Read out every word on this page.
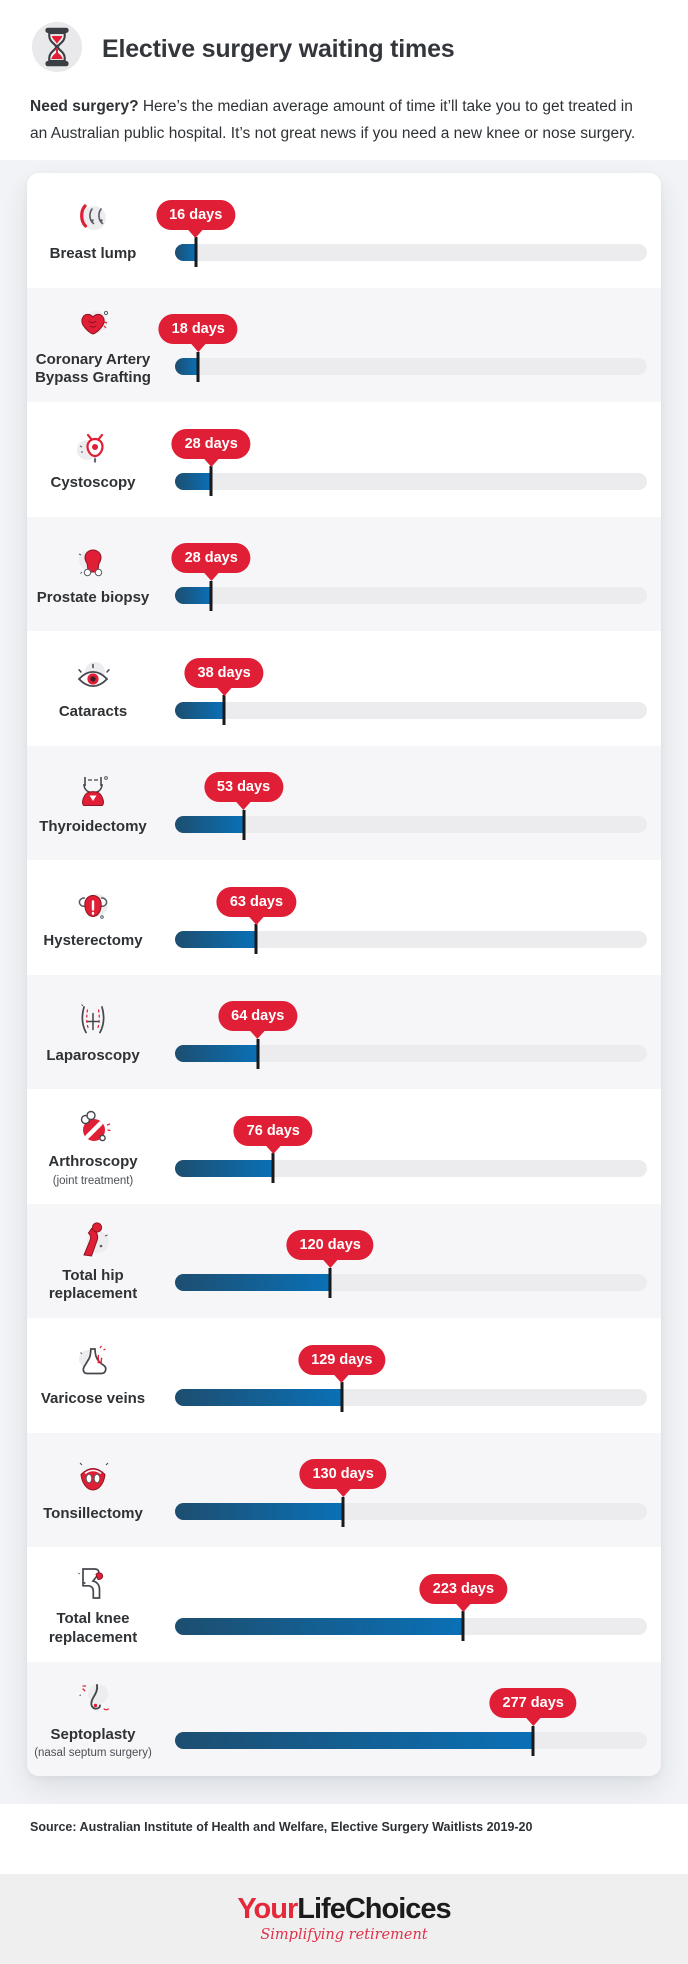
Elective surgery waiting times

Need surgery? Here’s the median average amount of time it’ll take you to get treated in an Australian public hospital. It’s not great news if you need a new knee or nose surgery.

Breast lump
16 days
Coronary Artery Bypass Grafting
18 days
Cystoscopy
28 days
Prostate biopsy
28 days
Cataracts
38 days
Thyroidectomy
53 days
Hysterectomy
63 days
Laparoscopy
64 days
Arthroscopy
(joint treatment)
76 days
Total hip replacement
120 days
Varicose veins
129 days
Tonsillectomy
130 days
Total knee replacement
223 days
Septoplasty
(nasal septum surgery)
277 days

Source: Australian Institute of Health and Welfare, Elective Surgery Waitlists 2019-20

YourLifeChoices
Simplifying retirement
